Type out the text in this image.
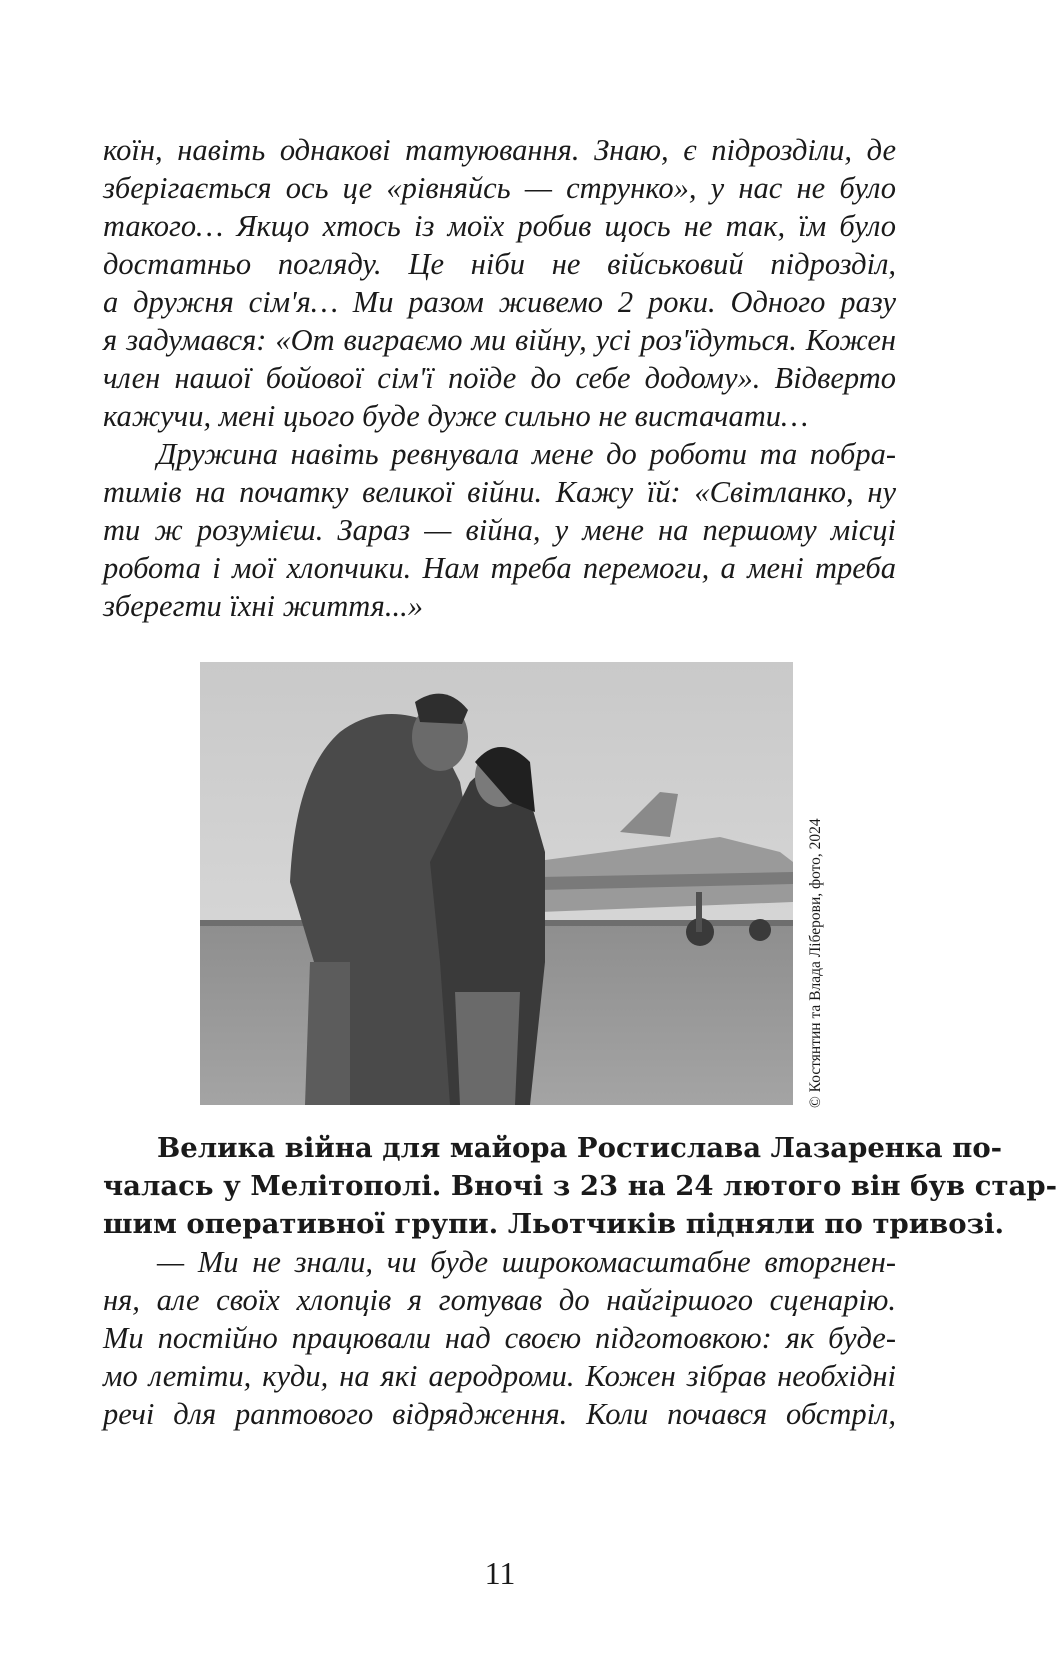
коїн, навіть однакові татуювання. Знаю, є підрозділи, де
зберігається ось це «рівняйсь — струнко», у нас не було
такого… Якщо хтось із моїх робив щось не так, їм було
достатньо погляду. Це ніби не військовий підрозділ,
а дружня сім'я… Ми разом живемо 2 роки. Одного разу
я задумався: «От виграємо ми війну, усі роз'їдуться. Кожен
член нашої бойової сім'ї поїде до себе додому». Відверто
кажучи, мені цього буде дуже сильно не вистачати…
Дружина навіть ревнувала мене до роботи та побра-
тимів на початку великої війни. Кажу їй: «Світланко, ну
ти ж розумієш. Зараз — війна, у мене на першому місці
робота і мої хлопчики. Нам треба перемоги, а мені треба
зберегти їхні життя...»
© Костянтин та Влада Ліберови, фото, 2024
Велика війна для майора Ростислава Лазаренка по-
чалась у Мелітополі. Вночі з 23 на 24 лютого він був стар-
шим оперативної групи. Льотчиків підняли по тривозі.
— Ми не знали, чи буде широкомасштабне вторгнен-
ня, але своїх хлопців я готував до найгіршого сценарію.
Ми постійно працювали над своєю підготовкою: як буде-
мо летіти, куди, на які аеродроми. Кожен зібрав необхідні
речі для раптового відрядження. Коли почався обстріл,
11
